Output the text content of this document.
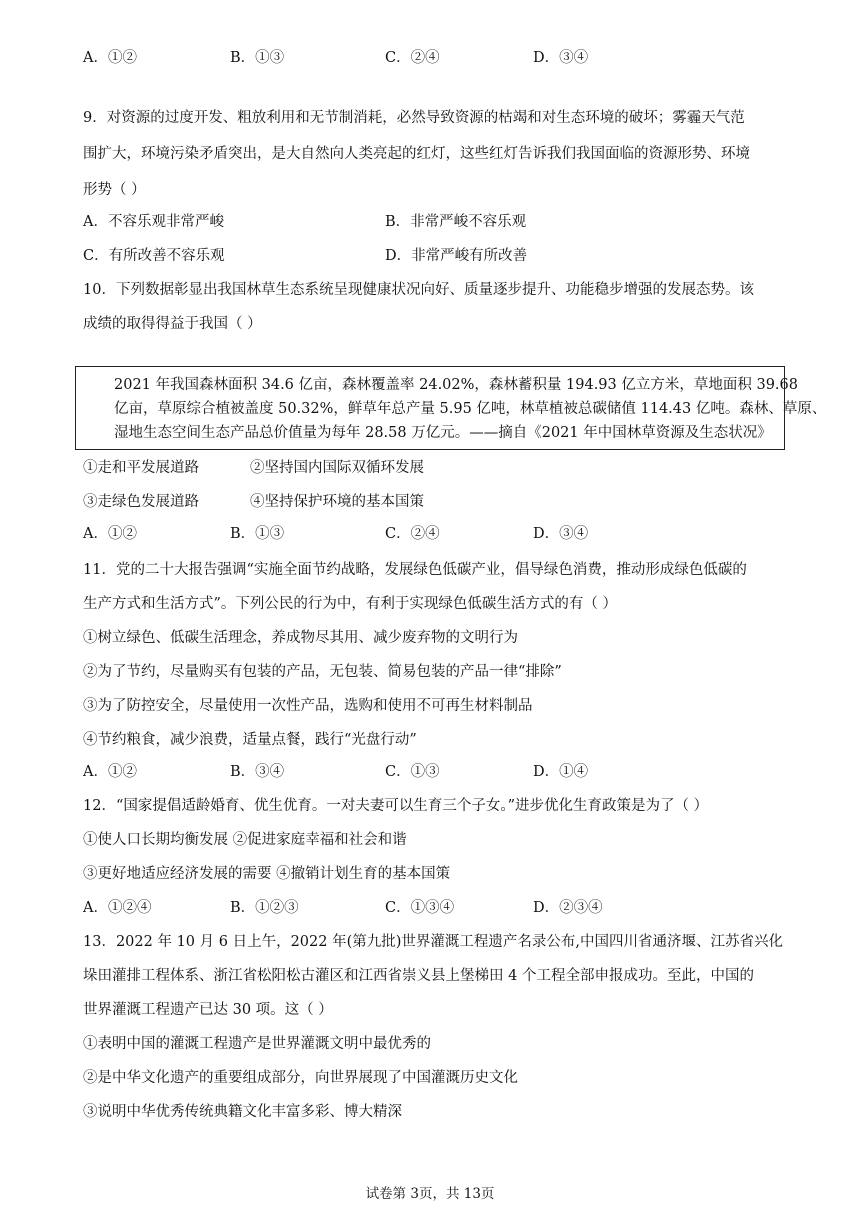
A．①②	B．①③	C．②④	D．③④
9．对资源的过度开发、粗放利用和无节制消耗，必然导致资源的枯竭和对生态环境的破坏；雾霾天气范
围扩大，环境污染矛盾突出，是大自然向人类亮起的红灯，这些红灯告诉我们我国面临的资源形势、环境
形势（ ）
A．不容乐观非常严峻	B．非常严峻不容乐观
C．有所改善不容乐观	D．非常严峻有所改善
10．下列数据彰显出我国林草生态系统呈现健康状况向好、质量逐步提升、功能稳步增强的发展态势。该
成绩的取得得益于我国（ ）
2021 年我国森林面积 34.6 亿亩，森林覆盖率 24.02%，森林蓄积量 194.93 亿立方米，草地面积 39.68
亿亩，草原综合植被盖度 50.32%，鲜草年总产量 5.95 亿吨，林草植被总碳储值 114.43 亿吨。森林、草原、
湿地生态空间生态产品总价值量为每年 28.58 万亿元。——摘自《2021 年中国林草资源及生态状况》
①走和平发展道路	②坚持国内国际双循环发展
③走绿色发展道路	④坚持保护环境的基本国策
A．①②	B．①③	C．②④	D．③④
11．党的二十大报告强调“实施全面节约战略，发展绿色低碳产业，倡导绿色消费，推动形成绿色低碳的
生产方式和生活方式”。下列公民的行为中，有利于实现绿色低碳生活方式的有（ ）
①树立绿色、低碳生活理念，养成物尽其用、减少废弃物的文明行为
②为了节约，尽量购买有包装的产品，无包装、简易包装的产品一律“排除”
③为了防控安全，尽量使用一次性产品，选购和使用不可再生材料制品
④节约粮食，减少浪费，适量点餐，践行“光盘行动”
A．①②	B．③④	C．①③	D．①④
12．“国家提倡适龄婚育、优生优育。一对夫妻可以生育三个子女。”进步优化生育政策是为了（ ）
①使人口长期均衡发展 ②促进家庭幸福和社会和谐
③更好地适应经济发展的需要 ④撤销计划生育的基本国策
A．①②④	B．①②③	C．①③④	D．②③④
13．2022 年 10 月 6 日上午，2022 年(第九批)世界灌溉工程遗产名录公布,中国四川省通济堰、江苏省兴化
垛田灌排工程体系、浙江省松阳松古灌区和江西省崇义县上堡梯田 4 个工程全部申报成功。至此，中国的
世界灌溉工程遗产已达 30 项。这（ ）
①表明中国的灌溉工程遗产是世界灌溉文明中最优秀的
②是中华文化遗产的重要组成部分，向世界展现了中国灌溉历史文化
③说明中华优秀传统典籍文化丰富多彩、博大精深
试卷第 3页，共 13页
